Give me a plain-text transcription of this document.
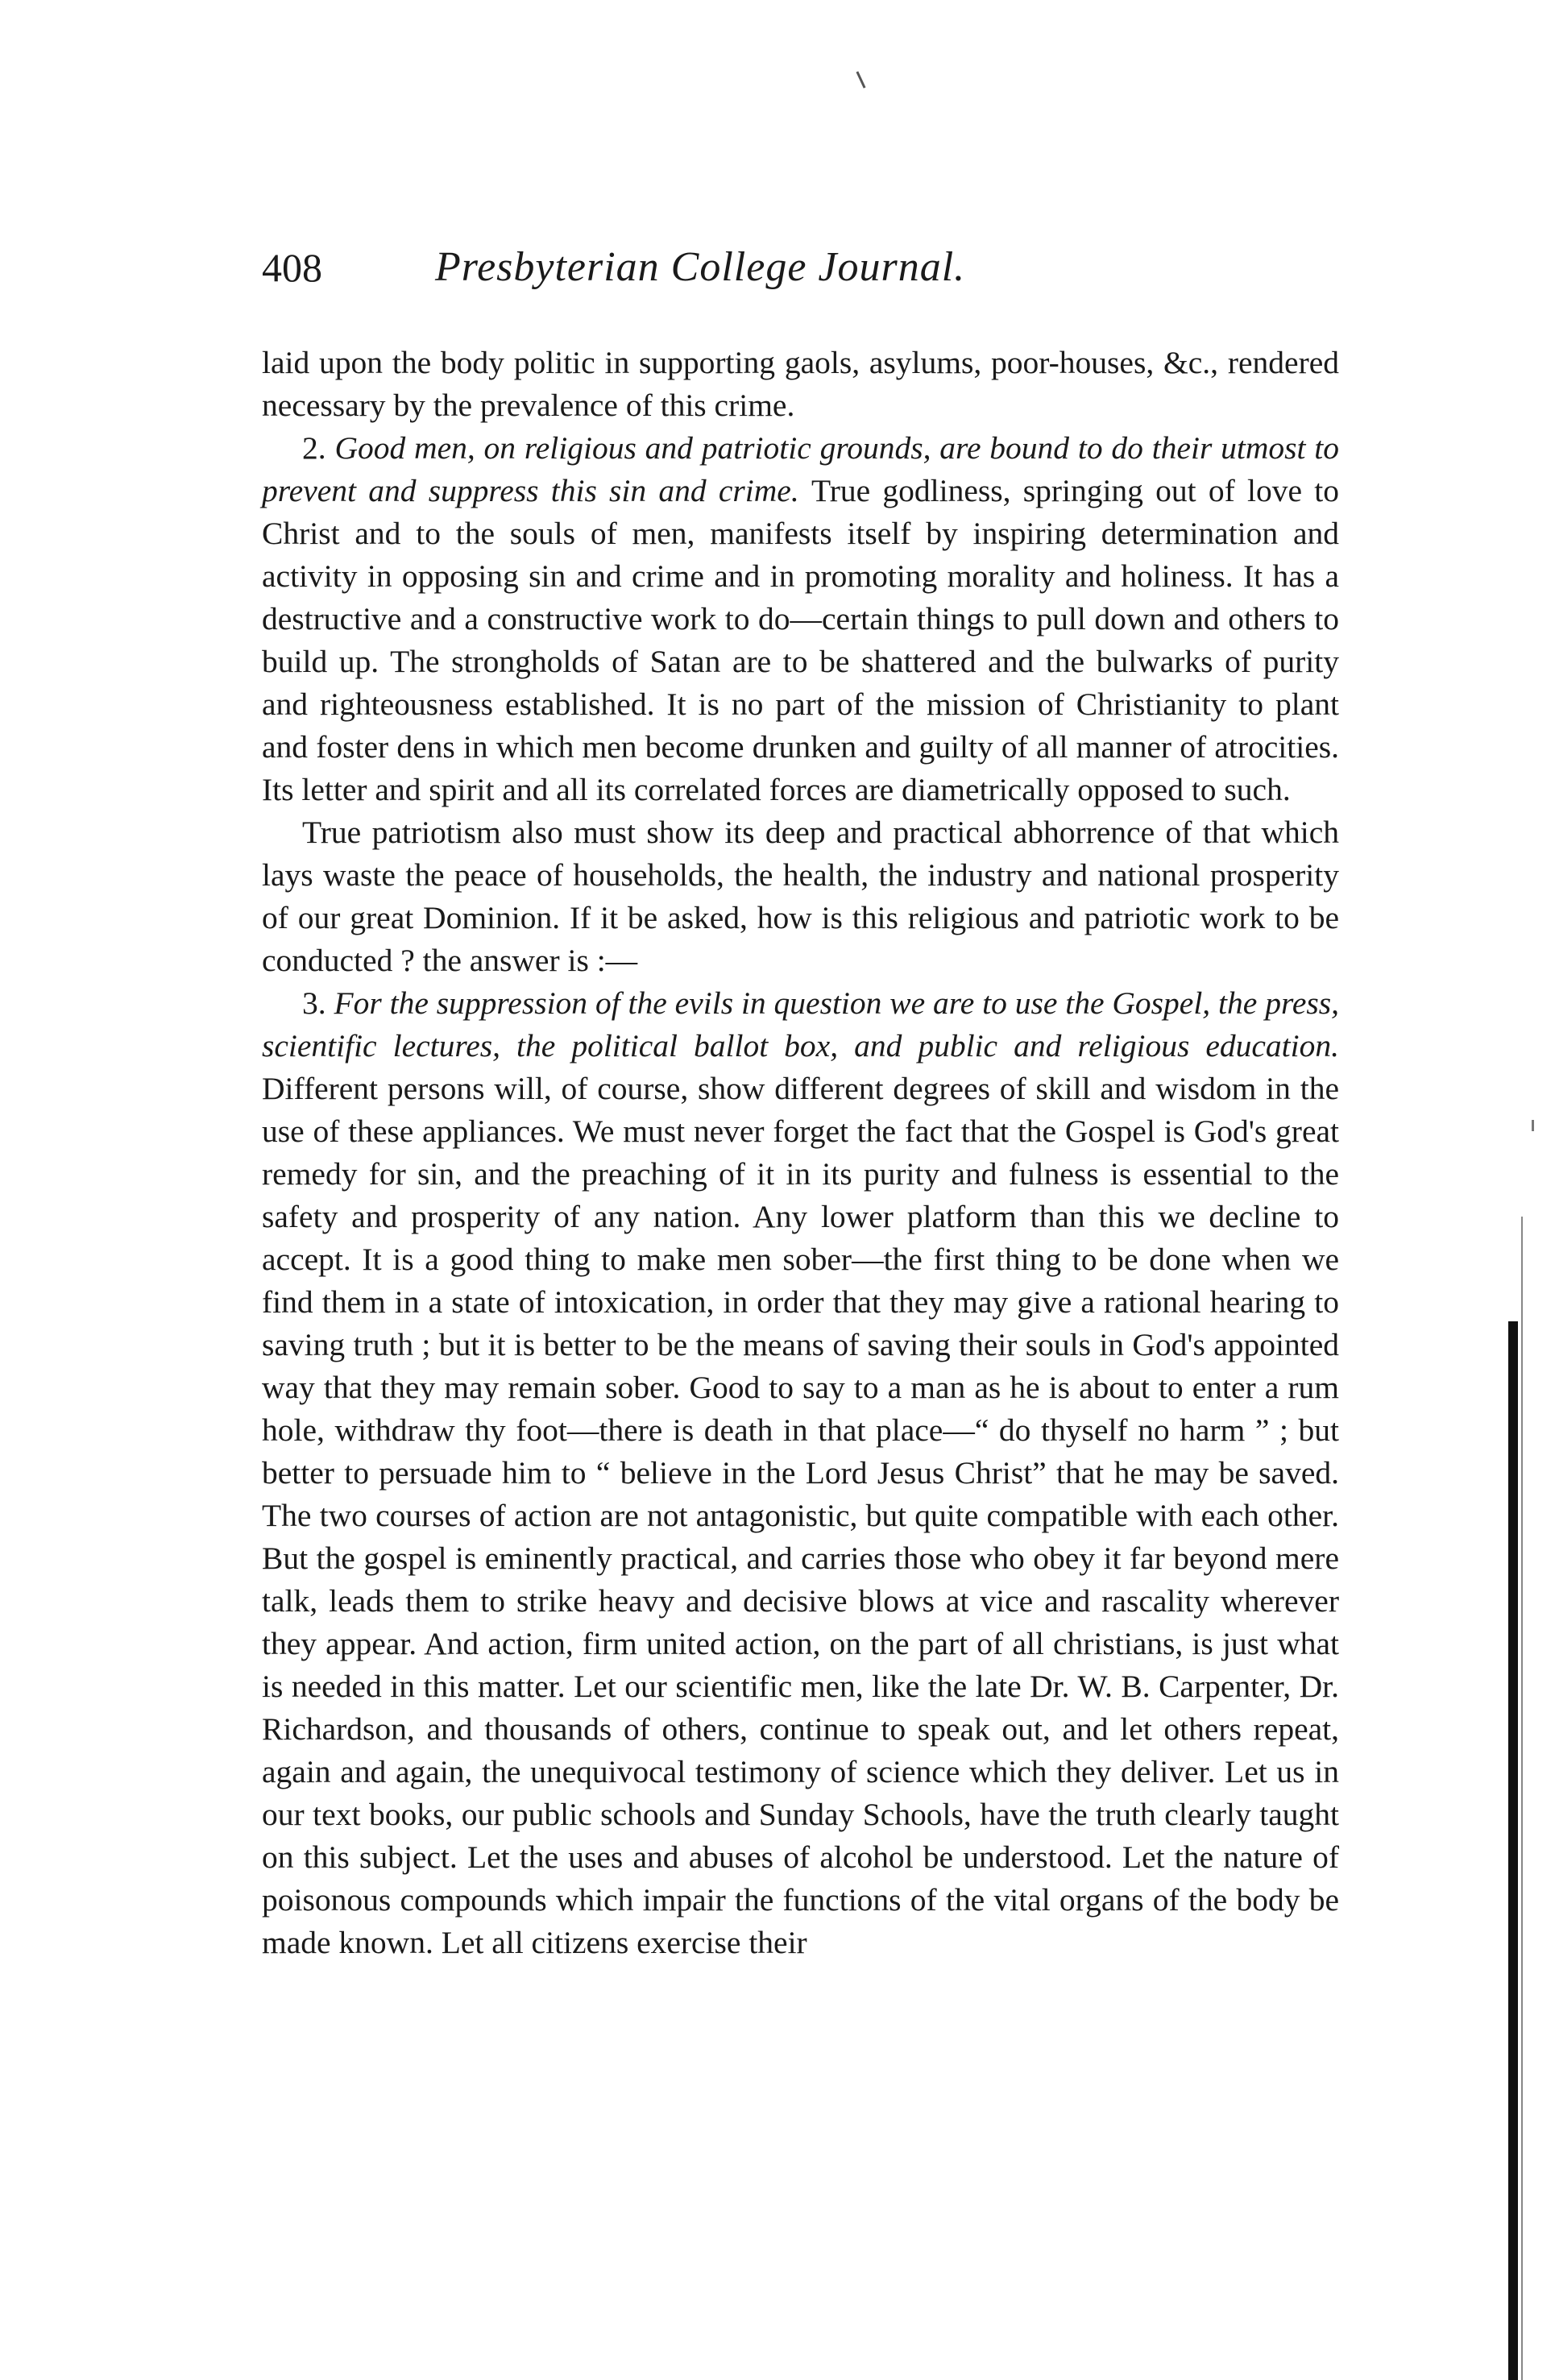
408	Presbyterian College Journal.

laid upon the body politic in supporting gaols, asylums, poor-houses, &c., rendered necessary by the prevalence of this crime.

2. Good men, on religious and patriotic grounds, are bound to do their utmost to prevent and suppress this sin and crime. True godliness, springing out of love to Christ and to the souls of men, manifests itself by inspiring determination and activity in opposing sin and crime and in promoting morality and holiness. It has a destructive and a constructive work to do—certain things to pull down and others to build up. The strongholds of Satan are to be shattered and the bulwarks of purity and righteousness established. It is no part of the mission of Christianity to plant and foster dens in which men become drunken and guilty of all manner of atrocities. Its letter and spirit and all its correlated forces are diametrically opposed to such.

True patriotism also must show its deep and practical abhorrence of that which lays waste the peace of households, the health, the industry and national prosperity of our great Dominion. If it be asked, how is this religious and patriotic work to be conducted ? the answer is :—

3. For the suppression of the evils in question we are to use the Gospel, the press, scientific lectures, the political ballot box, and public and religious education. Different persons will, of course, show different degrees of skill and wisdom in the use of these appliances. We must never forget the fact that the Gospel is God's great remedy for sin, and the preaching of it in its purity and fulness is essential to the safety and prosperity of any nation. Any lower platform than this we decline to accept. It is a good thing to make men sober—the first thing to be done when we find them in a state of intoxication, in order that they may give a rational hearing to saving truth ; but it is better to be the means of saving their souls in God's appointed way that they may remain sober. Good to say to a man as he is about to enter a rum hole, withdraw thy foot—there is death in that place—“ do thyself no harm ” ; but better to persuade him to “ believe in the Lord Jesus Christ” that he may be saved. The two courses of action are not antagonistic, but quite compatible with each other. But the gospel is eminently practical, and carries those who obey it far beyond mere talk, leads them to strike heavy and decisive blows at vice and rascality wherever they appear. And action, firm united action, on the part of all christians, is just what is needed in this matter. Let our scientific men, like the late Dr. W. B. Carpenter, Dr. Richardson, and thousands of others, continue to speak out, and let others repeat, again and again, the unequivocal testimony of science which they deliver. Let us in our text books, our public schools and Sunday Schools, have the truth clearly taught on this subject. Let the uses and abuses of alcohol be understood. Let the nature of poisonous compounds which impair the functions of the vital organs of the body be made known. Let all citizens exercise their
